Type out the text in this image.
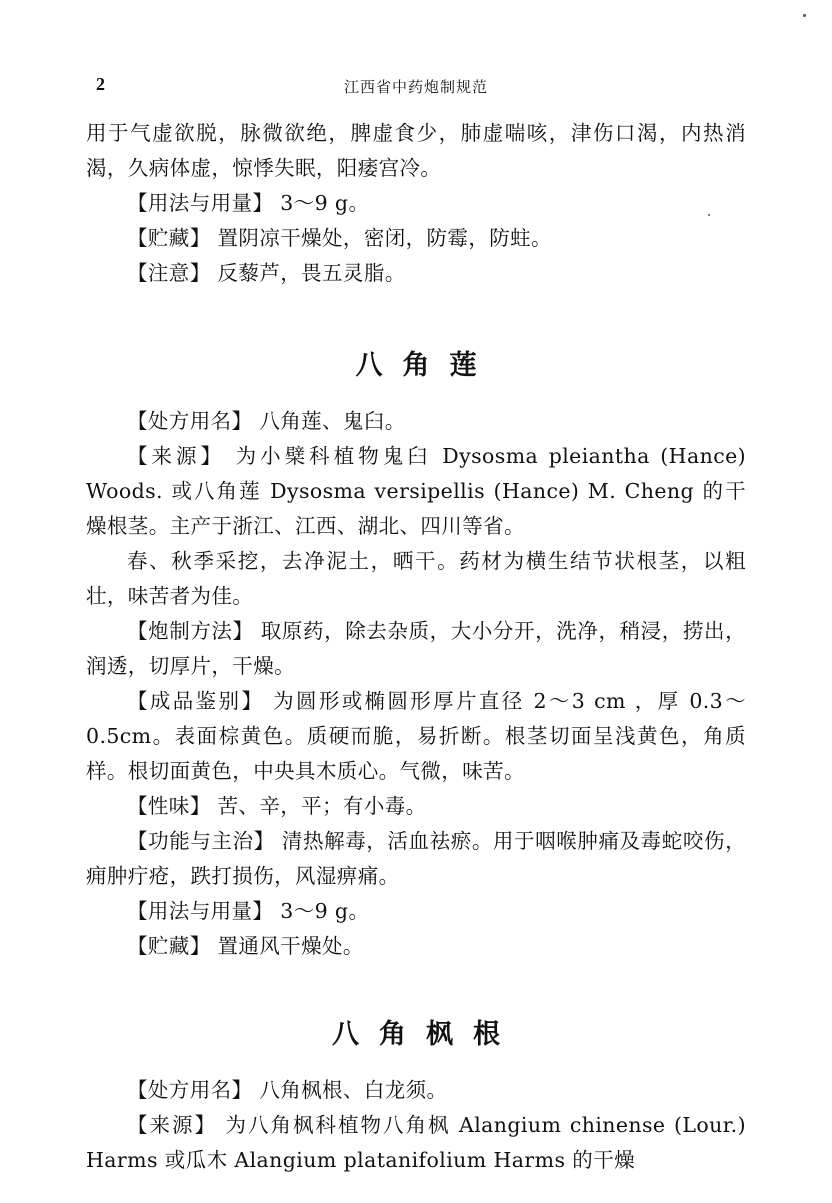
2	江西省中药炮制规范

用于气虚欲脱，脉微欲绝，脾虚食少，肺虚喘咳，津伤口渴，内热消渴，久病体虚，惊悸失眠，阳痿宫冷。

【用法与用量】 3～9 g。

【贮藏】 置阴凉干燥处，密闭，防霉，防蛀。

【注意】 反藜芦，畏五灵脂。

八角莲

【处方用名】 八角莲、鬼臼。

【来源】 为小檗科植物鬼臼 Dysosma pleiantha (Hance) Woods. 或八角莲 Dysosma versipellis (Hance) M. Cheng 的干燥根茎。主产于浙江、江西、湖北、四川等省。

春、秋季采挖，去净泥土，晒干。药材为横生结节状根茎，以粗壮，味苦者为佳。

【炮制方法】 取原药，除去杂质，大小分开，洗净，稍浸，捞出，润透，切厚片，干燥。

【成品鉴别】 为圆形或椭圆形厚片直径 2～3 cm ，厚 0.3～0.5cm。表面棕黄色。质硬而脆，易折断。根茎切面呈浅黄色，角质样。根切面黄色，中央具木质心。气微，味苦。

【性味】 苦、辛，平；有小毒。

【功能与主治】 清热解毒，活血祛瘀。用于咽喉肿痛及毒蛇咬伤，痈肿疔疮，跌打损伤，风湿痹痛。

【用法与用量】 3～9 g。

【贮藏】 置通风干燥处。

八角枫根

【处方用名】 八角枫根、白龙须。

【来源】 为八角枫科植物八角枫 Alangium chinense (Lour.) Harms 或瓜木 Alangium platanifolium Harms 的干燥
